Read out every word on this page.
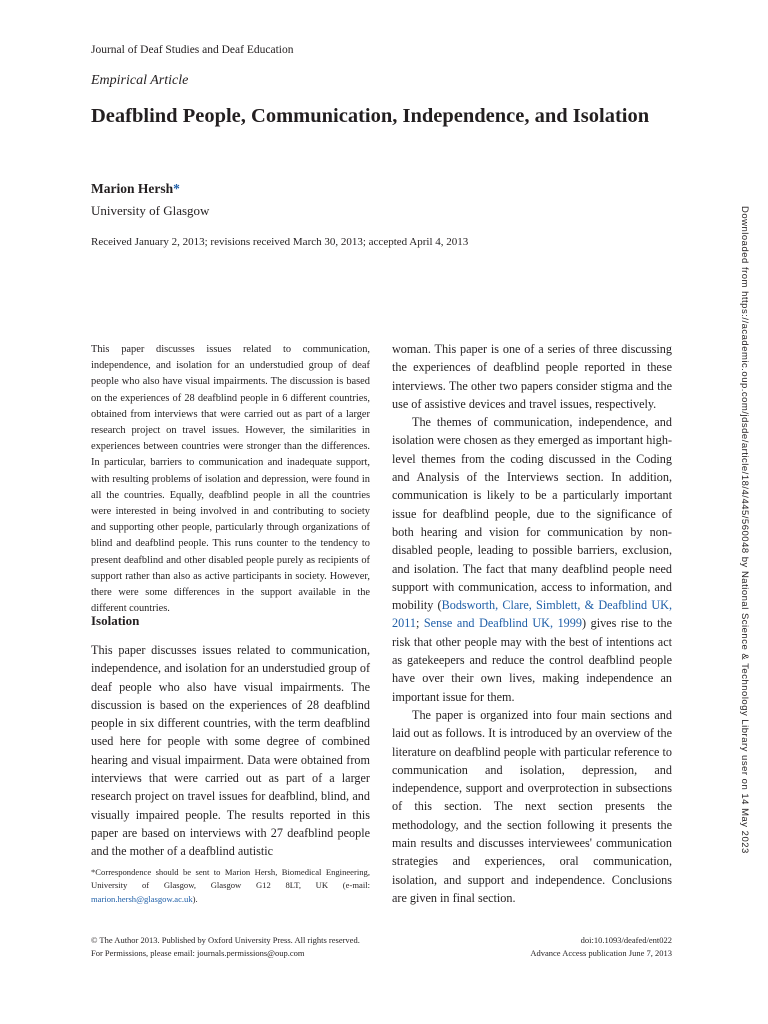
Journal of Deaf Studies and Deaf Education
Empirical Article
Deafblind People, Communication, Independence, and Isolation
Marion Hersh*
University of Glasgow
Received January 2, 2013; revisions received March 30, 2013; accepted April 4, 2013

This paper discusses issues related to communication, independence, and isolation for an understudied group of deaf people who also have visual impairments. The discussion is based on the experiences of 28 deafblind people in 6 different countries, obtained from interviews that were carried out as part of a larger research project on travel issues. However, the similarities in experiences between countries were stronger than the differences. In particular, barriers to communication and inadequate support, with resulting problems of isolation and depression, were found in all the countries. Equally, deafblind people in all the countries were interested in being involved in and contributing to society and supporting other people, particularly through organizations of blind and deafblind people. This runs counter to the tendency to present deafblind and other disabled people purely as recipients of support rather than also as active participants in society. However, there were some differences in the support available in the different countries.

Isolation

This paper discusses issues related to communication, independence, and isolation for an understudied group of deaf people who also have visual impairments. The discussion is based on the experiences of 28 deafblind people in six different countries, with the term deafblind used here for people with some degree of combined hearing and visual impairment. Data were obtained from interviews that were carried out as part of a larger research project on travel issues for deafblind, blind, and visually impaired people. The results reported in this paper are based on interviews with 27 deafblind people and the mother of a deafblind autistic

*Correspondence should be sent to Marion Hersh, Biomedical Engineering, University of Glasgow, Glasgow G12 8LT, UK (e-mail: marion.hersh@glasgow.ac.uk).

woman. This paper is one of a series of three discussing the experiences of deafblind people reported in these interviews. The other two papers consider stigma and the use of assistive devices and travel issues, respectively.

The themes of communication, independence, and isolation were chosen as they emerged as important high-level themes from the coding discussed in the Coding and Analysis of the Interviews section. In addition, communication is likely to be a particularly important issue for deafblind people, due to the significance of both hearing and vision for communication by non-disabled people, leading to possible barriers, exclusion, and isolation. The fact that many deafblind people need support with communication, access to information, and mobility (Bodsworth, Clare, Simblett, & Deafblind UK, 2011; Sense and Deafblind UK, 1999) gives rise to the risk that other people may with the best of intentions act as gatekeepers and reduce the control deafblind people have over their own lives, making independence an important issue for them.

The paper is organized into four main sections and laid out as follows. It is introduced by an overview of the literature on deafblind people with particular reference to communication and isolation, depression, and independence, support and overprotection in subsections of this section. The next section presents the methodology, and the section following it presents the main results and discusses interviewees' communication strategies and experiences, oral communication, isolation, and support and independence. Conclusions are given in final section.

© The Author 2013. Published by Oxford University Press. All rights reserved.
For Permissions, please email: journals.permissions@oup.com
doi:10.1093/deafed/ent022
Advance Access publication June 7, 2013
Downloaded from https://academic.oup.com/jdsde/article/18/4/445/560048 by National Science & Technology Library user on 14 May 2023
